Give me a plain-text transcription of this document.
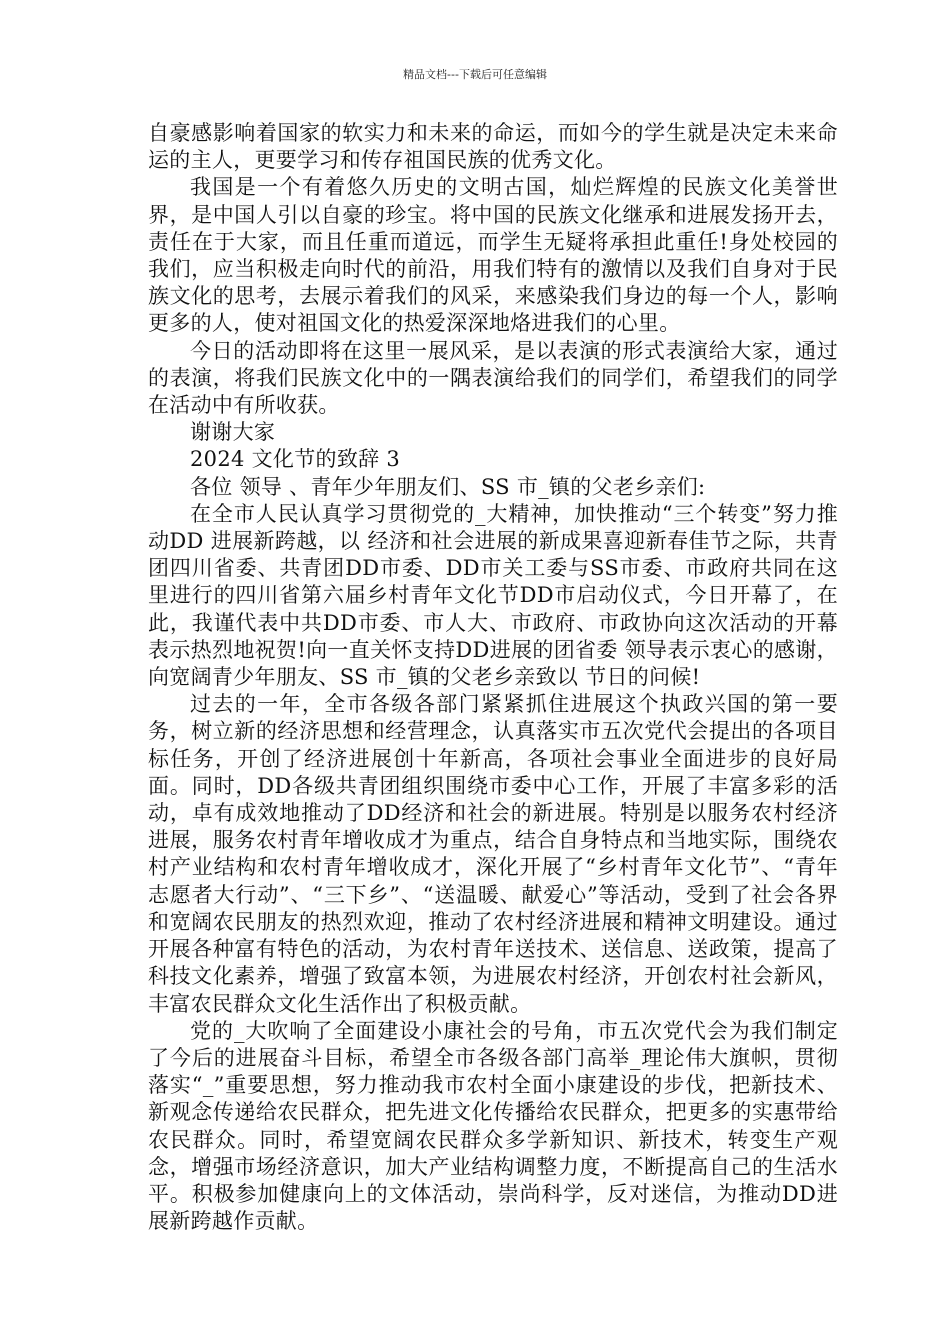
精品文档---下载后可任意编辑

自豪感影响着国家的软实力和未来的命运，而如今的学生就是决定未来命运的主人，更要学习和传存祖国民族的优秀文化。

我国是一个有着悠久历史的文明古国，灿烂辉煌的民族文化美誉世界，是中国人引以自豪的珍宝。将中国的民族文化继承和进展发扬开去，责任在于大家，而且任重而道远，而学生无疑将承担此重任!身处校园的我们，应当积极走向时代的前沿，用我们特有的激情以及我们自身对于民族文化的思考，去展示着我们的风采，来感染我们身边的每一个人，影响更多的人，使对祖国文化的热爱深深地烙进我们的心里。

今日的活动即将在这里一展风采，是以表演的形式表演给大家，通过的表演，将我们民族文化中的一隅表演给我们的同学们，希望我们的同学在活动中有所收获。

谢谢大家

2024 文化节的致辞 3

各位 领导 、青年少年朋友们、SS 市_镇的父老乡亲们:

在全市人民认真学习贯彻党的_大精神，加快推动“三个转变”努力推动DD 进展新跨越，以 经济和社会进展的新成果喜迎新春佳节之际，共青团四川省委、共青团DD市委、DD市关工委与SS市委、市政府共同在这里进行的四川省第六届乡村青年文化节DD市启动仪式，今日开幕了，在此，我谨代表中共DD市委、市人大、市政府、市政协向这次活动的开幕表示热烈地祝贺!向一直关怀支持DD进展的团省委 领导表示衷心的感谢，向宽阔青少年朋友、SS 市_镇的父老乡亲致以 节日的问候!

过去的一年，全市各级各部门紧紧抓住进展这个执政兴国的第一要务，树立新的经济思想和经营理念，认真落实市五次党代会提出的各项目标任务，开创了经济进展创十年新高，各项社会事业全面进步的良好局面。同时，DD各级共青团组织围绕市委中心工作，开展了丰富多彩的活动，卓有成效地推动了DD经济和社会的新进展。特别是以服务农村经济进展，服务农村青年增收成才为重点，结合自身特点和当地实际，围绕农村产业结构和农村青年增收成才，深化开展了“乡村青年文化节”、“青年志愿者大行动”、“三下乡”、“送温暖、献爱心”等活动，受到了社会各界和宽阔农民朋友的热烈欢迎，推动了农村经济进展和精神文明建设。通过开展各种富有特色的活动，为农村青年送技术、送信息、送政策，提高了科技文化素养，增强了致富本领，为进展农村经济，开创农村社会新风，丰富农民群众文化生活作出了积极贡献。

党的_大吹响了全面建设小康社会的号角，市五次党代会为我们制定了今后的进展奋斗目标，希望全市各级各部门高举_理论伟大旗帜，贯彻落实“_”重要思想，努力推动我市农村全面小康建设的步伐，把新技术、新观念传递给农民群众，把先进文化传播给农民群众，把更多的实惠带给农民群众。同时，希望宽阔农民群众多学新知识、新技术，转变生产观念，增强市场经济意识，加大产业结构调整力度，不断提高自己的生活水平。积极参加健康向上的文体活动，崇尚科学，反对迷信，为推动DD进展新跨越作贡献。
